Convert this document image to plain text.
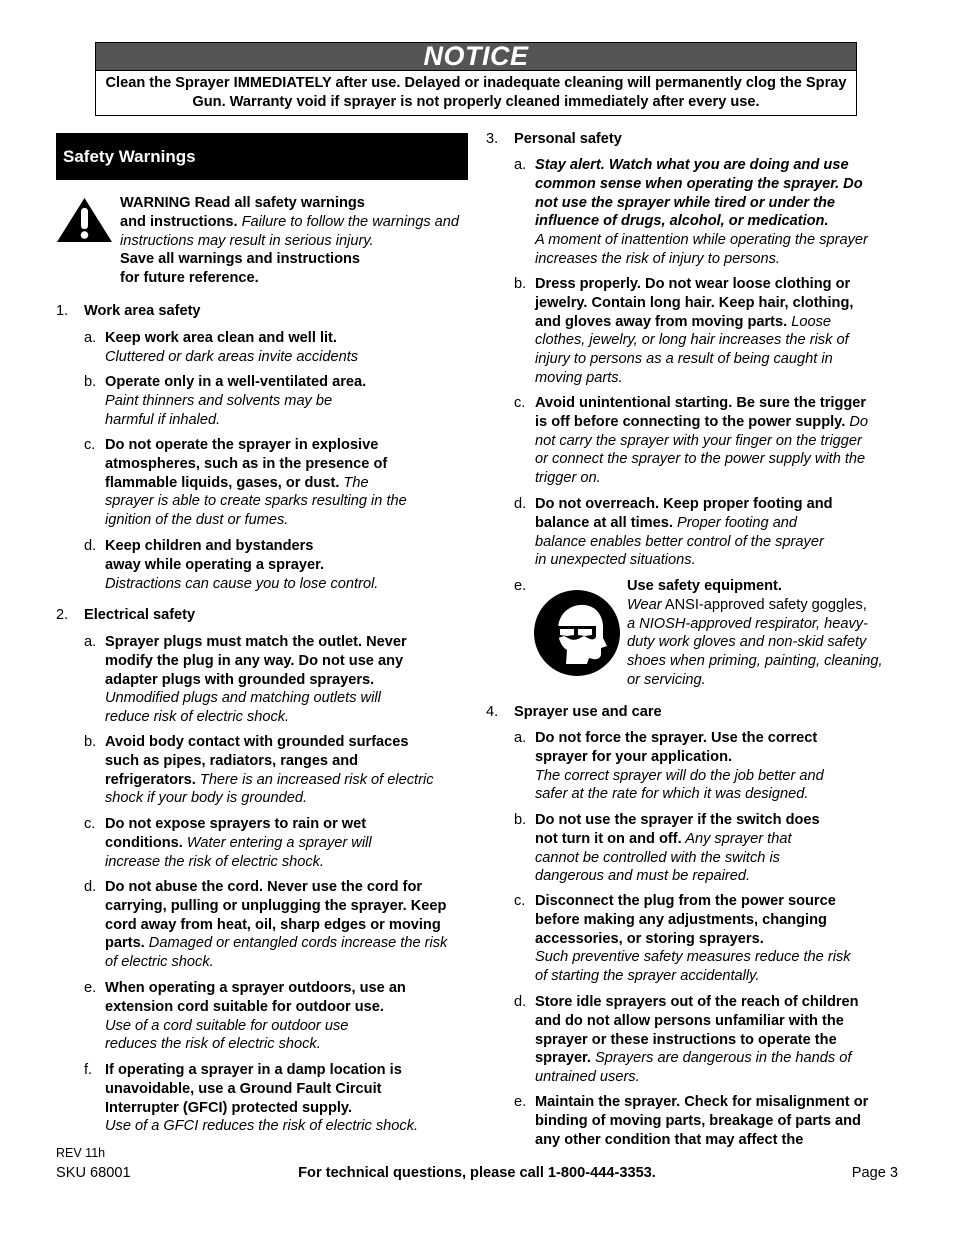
NOTICE
Clean the Sprayer IMMEDIATELY after use. Delayed or inadequate cleaning will permanently clog the Spray Gun. Warranty void if sprayer is not properly cleaned immediately after every use.
Safety Warnings
WARNING Read all safety warnings
and instructions. Failure to follow the warnings and instructions may result in serious injury.
Save all warnings and instructions
for future reference.
1. Work area safety
a. Keep work area clean and well lit.
Cluttered or dark areas invite accidents
b. Operate only in a well-ventilated area.
Paint thinners and solvents may be harmful if inhaled.
c. Do not operate the sprayer in explosive atmospheres, such as in the presence of flammable liquids, gases, or dust. The sprayer is able to create sparks resulting in the ignition of the dust or fumes.
d. Keep children and bystanders away while operating a sprayer.
Distractions can cause you to lose control.
2. Electrical safety
a. Sprayer plugs must match the outlet. Never modify the plug in any way. Do not use any adapter plugs with grounded sprayers.
Unmodified plugs and matching outlets will reduce risk of electric shock.
b. Avoid body contact with grounded surfaces such as pipes, radiators, ranges and refrigerators. There is an increased risk of electric shock if your body is grounded.
c. Do not expose sprayers to rain or wet conditions. Water entering a sprayer will increase the risk of electric shock.
d. Do not abuse the cord. Never use the cord for carrying, pulling or unplugging the sprayer. Keep cord away from heat, oil, sharp edges or moving parts. Damaged or entangled cords increase the risk of electric shock.
e. When operating a sprayer outdoors, use an extension cord suitable for outdoor use.
Use of a cord suitable for outdoor use reduces the risk of electric shock.
f. If operating a sprayer in a damp location is unavoidable, use a Ground Fault Circuit Interrupter (GFCI) protected supply.
Use of a GFCI reduces the risk of electric shock.
3. Personal safety
a. Stay alert. Watch what you are doing and use common sense when operating the sprayer. Do not use the sprayer while tired or under the influence of drugs, alcohol, or medication.
A moment of inattention while operating the sprayer increases the risk of injury to persons.
b. Dress properly. Do not wear loose clothing or jewelry. Contain long hair. Keep hair, clothing, and gloves away from moving parts. Loose clothes, jewelry, or long hair increases the risk of injury to persons as a result of being caught in moving parts.
c. Avoid unintentional starting. Be sure the trigger is off before connecting to the power supply. Do not carry the sprayer with your finger on the trigger or connect the sprayer to the power supply with the trigger on.
d. Do not overreach. Keep proper footing and balance at all times. Proper footing and balance enables better control of the sprayer in unexpected situations.
e.	Use safety equipment.
Wear ANSI-approved safety goggles,
a NIOSH-approved respirator, heavy-duty work gloves and non-skid safety shoes when priming, painting, cleaning, or servicing.
4. Sprayer use and care
a. Do not force the sprayer. Use the correct sprayer for your application.
The correct sprayer will do the job better and safer at the rate for which it was designed.
b. Do not use the sprayer if the switch does not turn it on and off. Any sprayer that cannot be controlled with the switch is dangerous and must be repaired.
c. Disconnect the plug from the power source before making any adjustments, changing accessories, or storing sprayers.
Such preventive safety measures reduce the risk of starting the sprayer accidentally.
d. Store idle sprayers out of the reach of children and do not allow persons unfamiliar with the sprayer or these instructions to operate the sprayer. Sprayers are dangerous in the hands of untrained users.
e. Maintain the sprayer. Check for misalignment or binding of moving parts, breakage of parts and any other condition that may affect the
REV 11h
SKU 68001	For technical questions, please call 1-800-444-3353.	Page 3
